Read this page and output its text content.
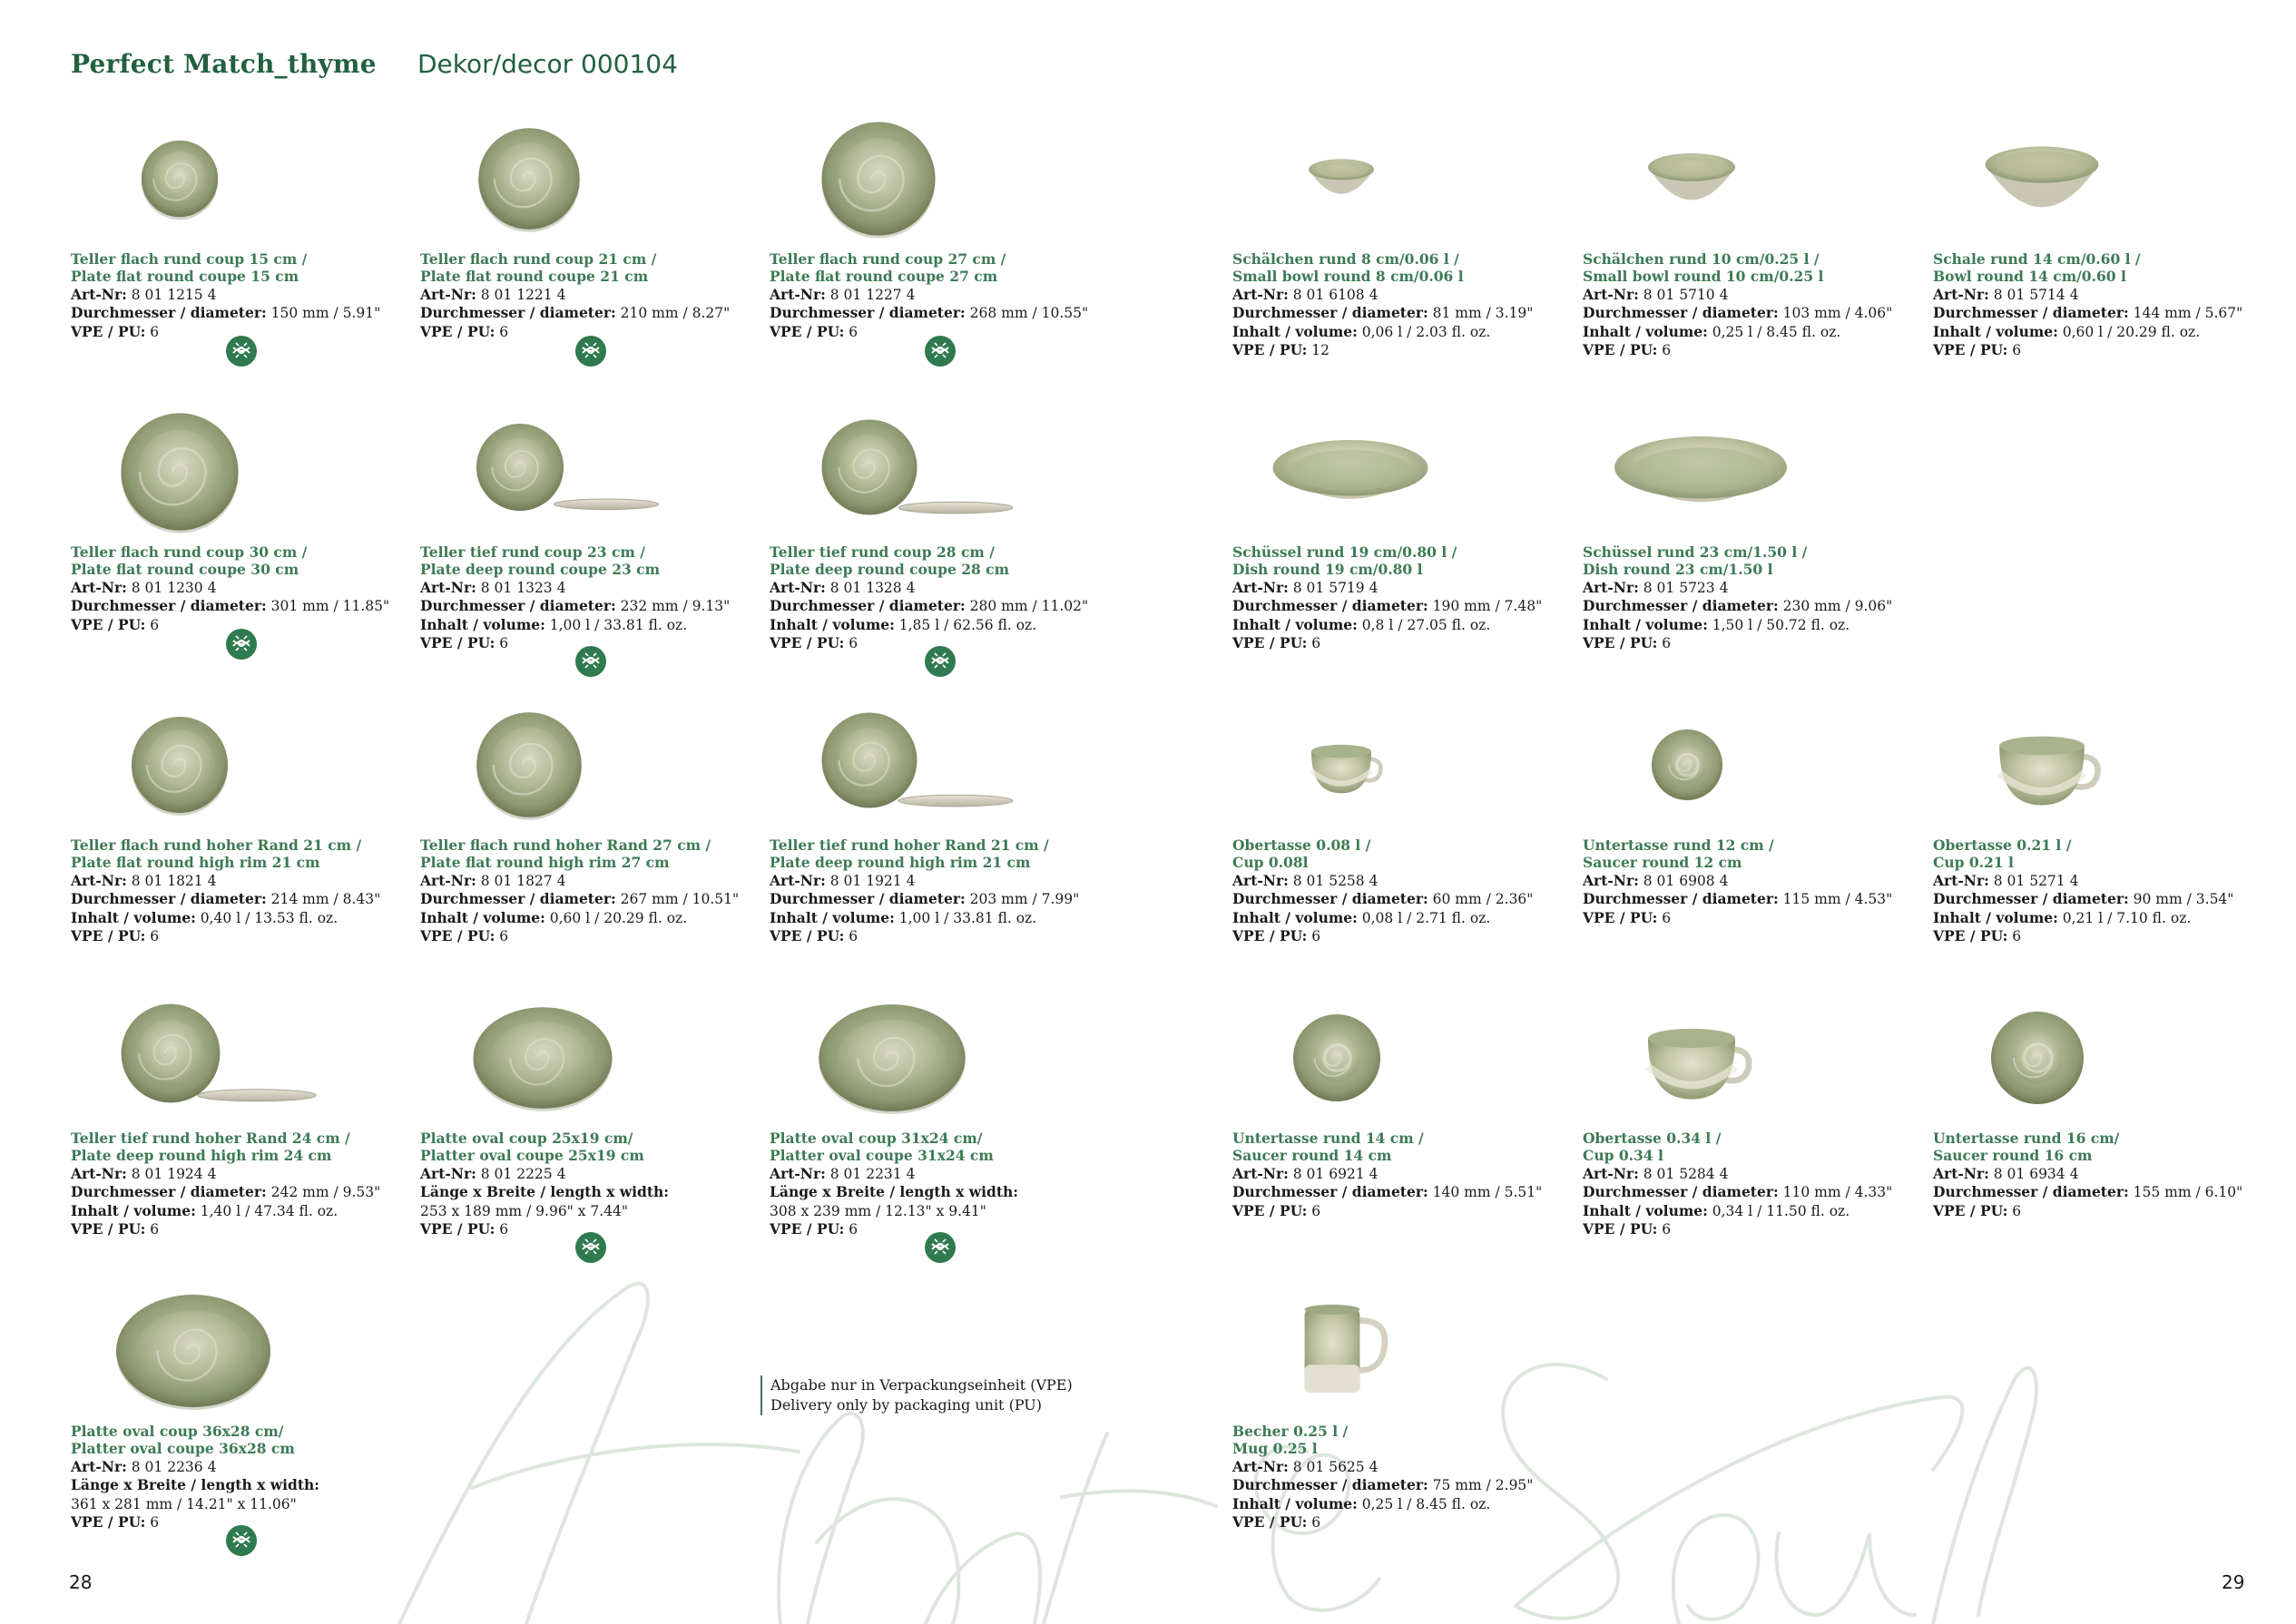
Heart & Soul
Perfect Match_thyme Dekor/decor 000104
Teller flach rund coup 15 cm /
Plate flat round coupe 15 cm
Art-Nr: 8 01 1215 4
Durchmesser / diameter: 150 mm / 5.91"
VPE / PU: 6
Teller flach rund coup 21 cm /
Plate flat round coupe 21 cm
Art-Nr: 8 01 1221 4
Durchmesser / diameter: 210 mm / 8.27"
VPE / PU: 6
Teller flach rund coup 27 cm /
Plate flat round coupe 27 cm
Art-Nr: 8 01 1227 4
Durchmesser / diameter: 268 mm / 10.55"
VPE / PU: 6
Schälchen rund 8 cm/0.06 l /
Small bowl round 8 cm/0.06 l
Art-Nr: 8 01 6108 4
Durchmesser / diameter: 81 mm / 3.19"
Inhalt / volume: 0,06 l / 2.03 fl. oz.
VPE / PU: 12
Schälchen rund 10 cm/0.25 l /
Small bowl round 10 cm/0.25 l
Art-Nr: 8 01 5710 4
Durchmesser / diameter: 103 mm / 4.06"
Inhalt / volume: 0,25 l / 8.45 fl. oz.
VPE / PU: 6
Schale rund 14 cm/0.60 l /
Bowl round 14 cm/0.60 l
Art-Nr: 8 01 5714 4
Durchmesser / diameter: 144 mm / 5.67"
Inhalt / volume: 0,60 l / 20.29 fl. oz.
VPE / PU: 6
Teller flach rund coup 30 cm /
Plate flat round coupe 30 cm
Art-Nr: 8 01 1230 4
Durchmesser / diameter: 301 mm / 11.85"
VPE / PU: 6
Teller tief rund coup 23 cm /
Plate deep round coupe 23 cm
Art-Nr: 8 01 1323 4
Durchmesser / diameter: 232 mm / 9.13"
Inhalt / volume: 1,00 l / 33.81 fl. oz.
VPE / PU: 6
Teller tief rund coup 28 cm /
Plate deep round coupe 28 cm
Art-Nr: 8 01 1328 4
Durchmesser / diameter: 280 mm / 11.02"
Inhalt / volume: 1,85 l / 62.56 fl. oz.
VPE / PU: 6
Schüssel rund 19 cm/0.80 l /
Dish round 19 cm/0.80 l
Art-Nr: 8 01 5719 4
Durchmesser / diameter: 190 mm / 7.48"
Inhalt / volume: 0,8 l / 27.05 fl. oz.
VPE / PU: 6
Schüssel rund 23 cm/1.50 l /
Dish round 23 cm/1.50 l
Art-Nr: 8 01 5723 4
Durchmesser / diameter: 230 mm / 9.06"
Inhalt / volume: 1,50 l / 50.72 fl. oz.
VPE / PU: 6
Teller flach rund hoher Rand 21 cm /
Plate flat round high rim 21 cm
Art-Nr: 8 01 1821 4
Durchmesser / diameter: 214 mm / 8.43"
Inhalt / volume: 0,40 l / 13.53 fl. oz.
VPE / PU: 6
Teller flach rund hoher Rand 27 cm /
Plate flat round high rim 27 cm
Art-Nr: 8 01 1827 4
Durchmesser / diameter: 267 mm / 10.51"
Inhalt / volume: 0,60 l / 20.29 fl. oz.
VPE / PU: 6
Teller tief rund hoher Rand 21 cm /
Plate deep round high rim 21 cm
Art-Nr: 8 01 1921 4
Durchmesser / diameter: 203 mm / 7.99"
Inhalt / volume: 1,00 l / 33.81 fl. oz.
VPE / PU: 6
Obertasse 0.08 l /
Cup 0.08l
Art-Nr: 8 01 5258 4
Durchmesser / diameter: 60 mm / 2.36"
Inhalt / volume: 0,08 l / 2.71 fl. oz.
VPE / PU: 6
Untertasse rund 12 cm /
Saucer round 12 cm
Art-Nr: 8 01 6908 4
Durchmesser / diameter: 115 mm / 4.53"
VPE / PU: 6
Obertasse 0.21 l /
Cup 0.21 l
Art-Nr: 8 01 5271 4
Durchmesser / diameter: 90 mm / 3.54"
Inhalt / volume: 0,21 l / 7.10 fl. oz.
VPE / PU: 6
Teller tief rund hoher Rand 24 cm /
Plate deep round high rim 24 cm
Art-Nr: 8 01 1924 4
Durchmesser / diameter: 242 mm / 9.53"
Inhalt / volume: 1,40 l / 47.34 fl. oz.
VPE / PU: 6
Platte oval coup 25x19 cm/
Platter oval coupe 25x19 cm
Art-Nr: 8 01 2225 4
Länge x Breite / length x width:
253 x 189 mm / 9.96" x 7.44"
VPE / PU: 6
Platte oval coup 31x24 cm/
Platter oval coupe 31x24 cm
Art-Nr: 8 01 2231 4
Länge x Breite / length x width:
308 x 239 mm / 12.13" x 9.41"
VPE / PU: 6
Untertasse rund 14 cm /
Saucer round 14 cm
Art-Nr: 8 01 6921 4
Durchmesser / diameter: 140 mm / 5.51"
VPE / PU: 6
Obertasse 0.34 l /
Cup 0.34 l
Art-Nr: 8 01 5284 4
Durchmesser / diameter: 110 mm / 4.33"
Inhalt / volume: 0,34 l / 11.50 fl. oz.
VPE / PU: 6
Untertasse rund 16 cm/
Saucer round 16 cm
Art-Nr: 8 01 6934 4
Durchmesser / diameter: 155 mm / 6.10"
VPE / PU: 6
Platte oval coup 36x28 cm/
Platter oval coupe 36x28 cm
Art-Nr: 8 01 2236 4
Länge x Breite / length x width:
361 x 281 mm / 14.21" x 11.06"
VPE / PU: 6
Becher 0.25 l /
Mug 0.25 l
Art-Nr: 8 01 5625 4
Durchmesser / diameter: 75 mm / 2.95"
Inhalt / volume: 0,25 l / 8.45 fl. oz.
VPE / PU: 6
Abgabe nur in Verpackungseinheit (VPE)
Delivery only by packaging unit (PU)
28	29
